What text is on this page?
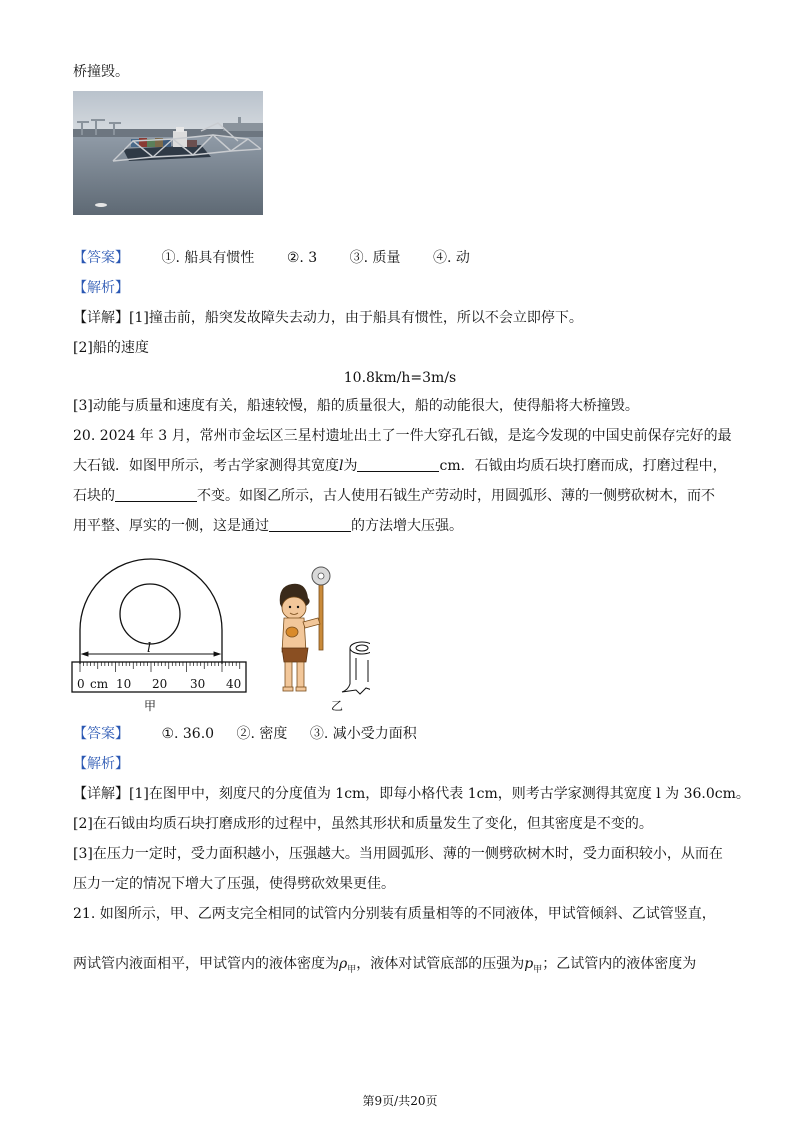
桥撞毁。
【答案】 ①. 船具有惯性 ②. 3 ③. 质量 ④. 动
【解析】
【详解】[1]撞击前，船突发故障失去动力，由于船具有惯性，所以不会立即停下。
[2]船的速度
10.8km/h=3m/s
[3]动能与质量和速度有关，船速较慢，船的质量很大，船的动能很大，使得船将大桥撞毁。
20. 2024 年 3 月，常州市金坛区三星村遗址出土了一件大穿孔石钺，是迄今发现的中国史前保存完好的最
大石钺．如图甲所示，考古学家测得其宽度l为	cm．石钺由均质石块打磨而成，打磨过程中，
石块的	不变。如图乙所示，古人使用石钺生产劳动时，用圆弧形、薄的一侧劈砍树木，而不
用平整、厚实的一侧，这是通过	的方法增大压强。
l
0 cm 10 20 30 40
甲	乙
【答案】 ①. 36.0 ②. 密度 ③. 减小受力面积
【解析】
【详解】[1]在图甲中，刻度尺的分度值为 1cm，即每小格代表 1cm，则考古学家测得其宽度 l 为 36.0cm。
[2]在石钺由均质石块打磨成形的过程中，虽然其形状和质量发生了变化，但其密度是不变的。
[3]在压力一定时，受力面积越小，压强越大。当用圆弧形、薄的一侧劈砍树木时，受力面积较小，从而在
压力一定的情况下增大了压强，使得劈砍效果更佳。
21. 如图所示，甲、乙两支完全相同的试管内分别装有质量相等的不同液体，甲试管倾斜、乙试管竖直，
两试管内液面相平，甲试管内的液体密度为$\rho_甲$，液体对试管底部的压强为$p_甲$；乙试管内的液体密度为
第9页/共20页
